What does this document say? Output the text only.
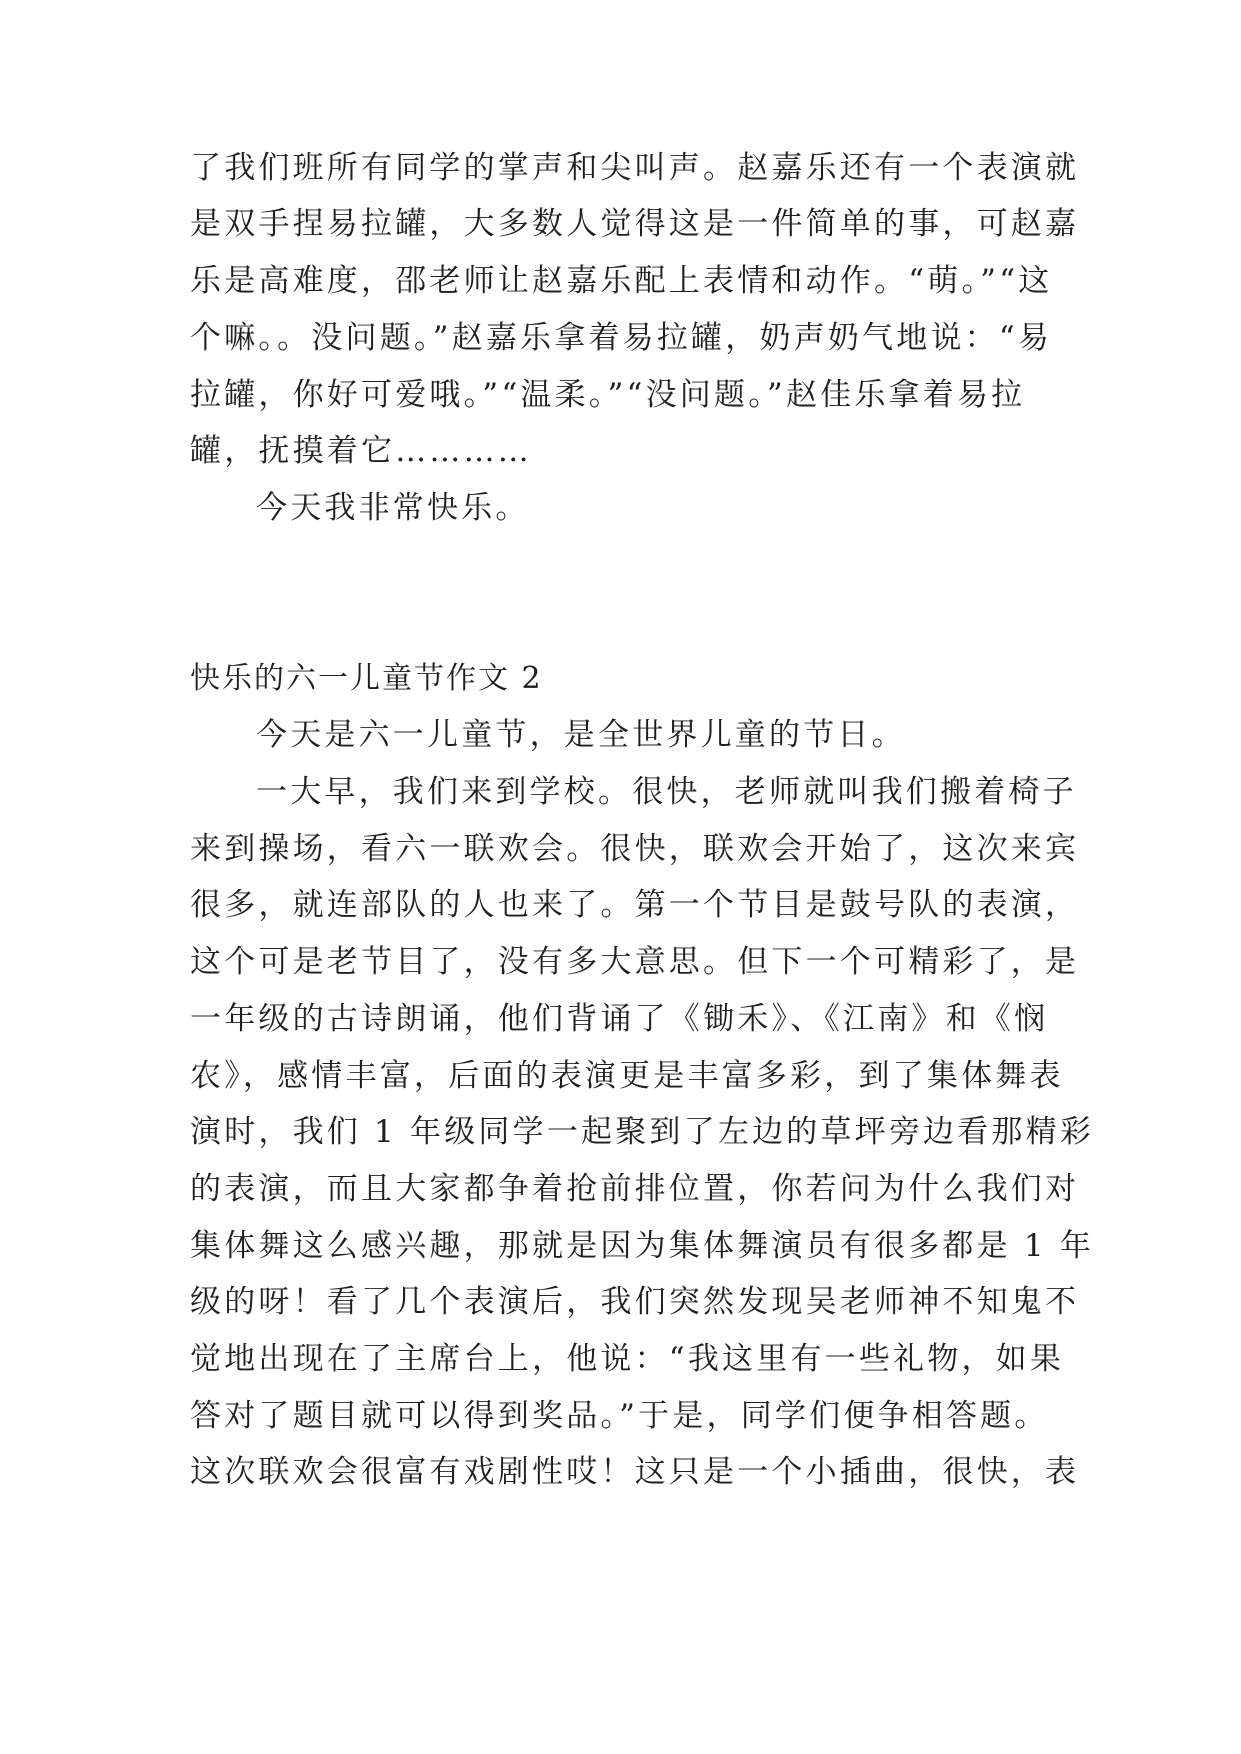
了我们班所有同学的掌声和尖叫声。赵嘉乐还有一个表演就
是双手捏易拉罐，大多数人觉得这是一件简单的事，可赵嘉
乐是高难度，邵老师让赵嘉乐配上表情和动作。“萌。”“这
个嘛。。没问题。”赵嘉乐拿着易拉罐，奶声奶气地说：“易
拉罐，你好可爱哦。”“温柔。”“没问题。”赵佳乐拿着易拉
罐，抚摸着它…………
今天我非常快乐。
快乐的六一儿童节作文 2
今天是六一儿童节，是全世界儿童的节日。
一大早，我们来到学校。很快，老师就叫我们搬着椅子
来到操场，看六一联欢会。很快，联欢会开始了，这次来宾
很多，就连部队的人也来了。第一个节目是鼓号队的表演，
这个可是老节目了，没有多大意思。但下一个可精彩了，是
一年级的古诗朗诵，他们背诵了《锄禾》、《江南》和《悯
农》，感情丰富，后面的表演更是丰富多彩，到了集体舞表
演时，我们 1 年级同学一起聚到了左边的草坪旁边看那精彩
的表演，而且大家都争着抢前排位置，你若问为什么我们对
集体舞这么感兴趣，那就是因为集体舞演员有很多都是 1 年
级的呀！看了几个表演后，我们突然发现吴老师神不知鬼不
觉地出现在了主席台上，他说：“我这里有一些礼物，如果
答对了题目就可以得到奖品。”于是，同学们便争相答题。
这次联欢会很富有戏剧性哎！这只是一个小插曲，很快，表
